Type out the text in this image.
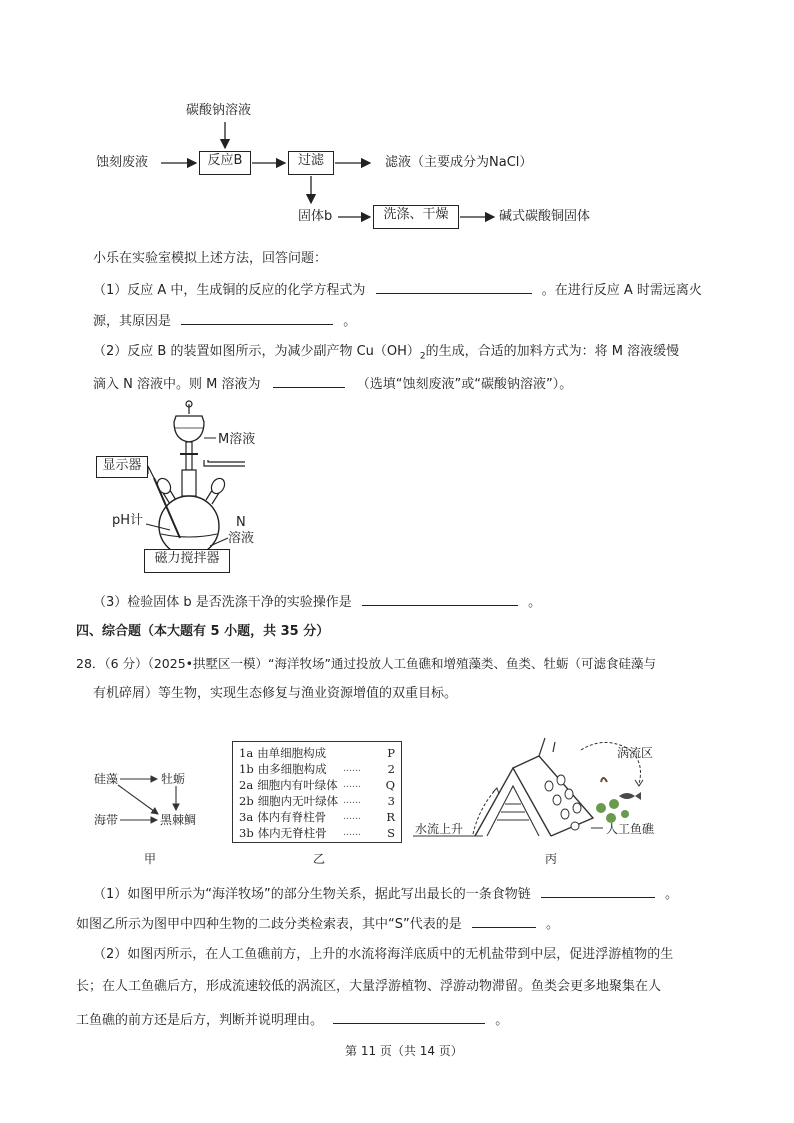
碳酸钠溶液
蚀刻废液	反应B	过滤	滤液（主要成分为NaCl）
固体b	洗涤、干燥	碱式碳酸铜固体
小乐在实验室模拟上述方法，回答问题：
（1）反应 A 中，生成铜的反应的化学方程式为	。在进行反应 A 时需远离火
源，其原因是	。
（2）反应 B 的装置如图所示，为减少副产物 $Cu(OH)_2$的生成，合适的加料方式为：将 M 溶液缓慢
滴入 N 溶液中。则 M 溶液为	（选填“蚀刻废液”或“碳酸钠溶液”）。
M溶液
显示器
pH计	N
溶液
磁力搅拌器
（3）检验固体 b 是否洗涤干净的实验操作是	。
四、综合题（本大题有 5 小题，共 35 分）
28．（6 分）（2025•拱墅区一模）“海洋牧场”通过投放人工鱼礁和增殖藻类、鱼类、牡蛎（可滤食硅藻与
有机碎屑）等生物，实现生态修复与渔业资源增值的双重目标。
硅藻	牡蛎
海带	黑棘鲷
甲
1a 由单细胞构成	P
1b 由多细胞构成 …… 2
2a 细胞内有叶绿体 …… Q
2b 细胞内无叶绿体 …… 3
3a 体内有脊柱骨 …… R
3b 体内无脊柱骨 …… S
乙
涡流区
水流上升	人工鱼礁
丙
（1）如图甲所示为“海洋牧场”的部分生物关系，据此写出最长的一条食物链	。
如图乙所示为图甲中四种生物的二歧分类检索表，其中“S”代表的是	。
（2）如图丙所示，在人工鱼礁前方，上升的水流将海洋底质中的无机盐带到中层，促进浮游植物的生
长；在人工鱼礁后方，形成流速较低的涡流区，大量浮游植物、浮游动物滞留。鱼类会更多地聚集在人
工鱼礁的前方还是后方，判断并说明理由。	。
第 11 页（共 14 页）
